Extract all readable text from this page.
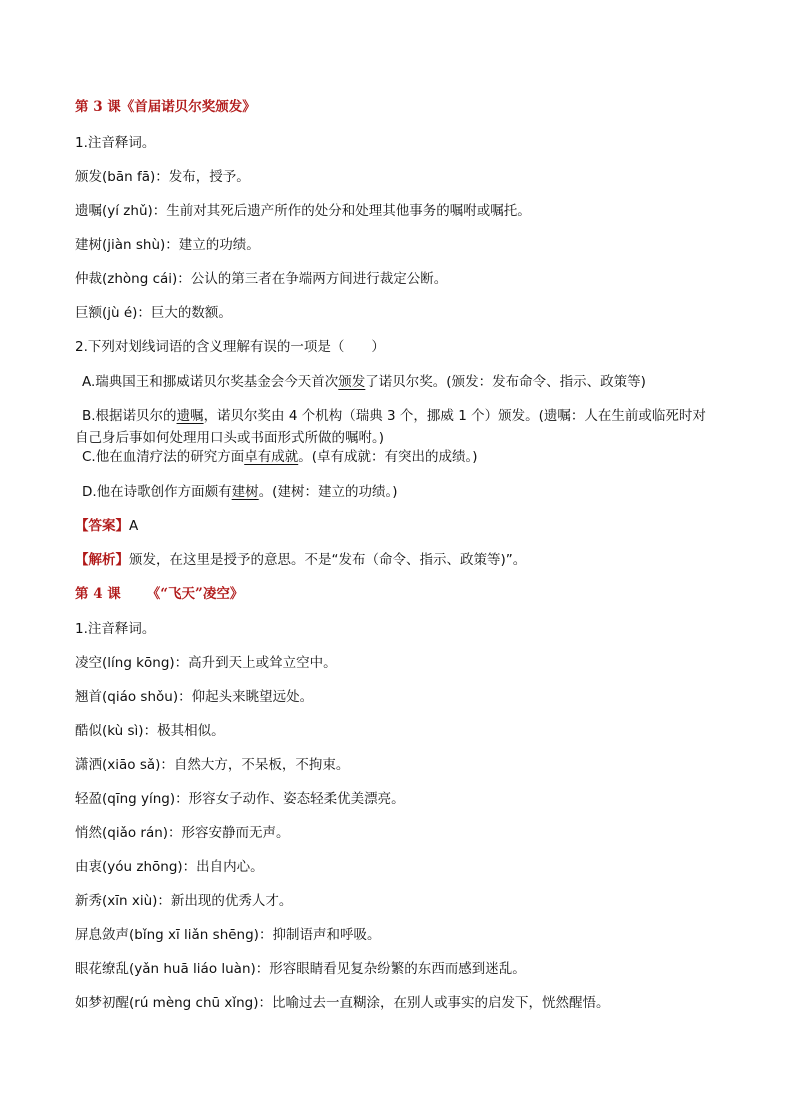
第 3 课《首届诺贝尔奖颁发》
1.注音释词。
颁发(bān fā)：发布，授予。
遗嘱(yí zhǔ)：生前对其死后遗产所作的处分和处理其他事务的嘱咐或嘱托。
建树(jiàn shù)：建立的功绩。
仲裁(zhòng cái)：公认的第三者在争端两方间进行裁定公断。
巨额(jù é)：巨大的数额。
2.下列对划线词语的含义理解有误的一项是（　　）
A.瑞典国王和挪威诺贝尔奖基金会今天首次颁发了诺贝尔奖。(颁发：发布命令、指示、政策等)
B.根据诺贝尔的遗嘱，诺贝尔奖由 4 个机构（瑞典 3 个，挪威 1 个）颁发。(遗嘱：人在生前或临死时对
自己身后事如何处理用口头或书面形式所做的嘱咐。)
C.他在血清疗法的研究方面卓有成就。(卓有成就：有突出的成绩。)
D.他在诗歌创作方面颇有建树。(建树：建立的功绩。)
【答案】A
【解析】颁发，在这里是授予的意思。不是“发布（命令、指示、政策等)”。
第 4 课 《“飞天”凌空》
1.注音释词。
凌空(líng kōng)：高升到天上或耸立空中。
翘首(qiáo shǒu)：仰起头来眺望远处。
酷似(kù sì)：极其相似。
潇洒(xiāo sǎ)：自然大方，不呆板，不拘束。
轻盈(qīng yíng)：形容女子动作、姿态轻柔优美漂亮。
悄然(qiǎo rán)：形容安静而无声。
由衷(yóu zhōng)：出自内心。
新秀(xīn xiù)：新出现的优秀人才。
屏息敛声(bǐng xī liǎn shēng)：抑制语声和呼吸。
眼花缭乱(yǎn huā liáo luàn)：形容眼睛看见复杂纷繁的东西而感到迷乱。
如梦初醒(rú mèng chū xǐng)：比喻过去一直糊涂，在别人或事实的启发下，恍然醒悟。
